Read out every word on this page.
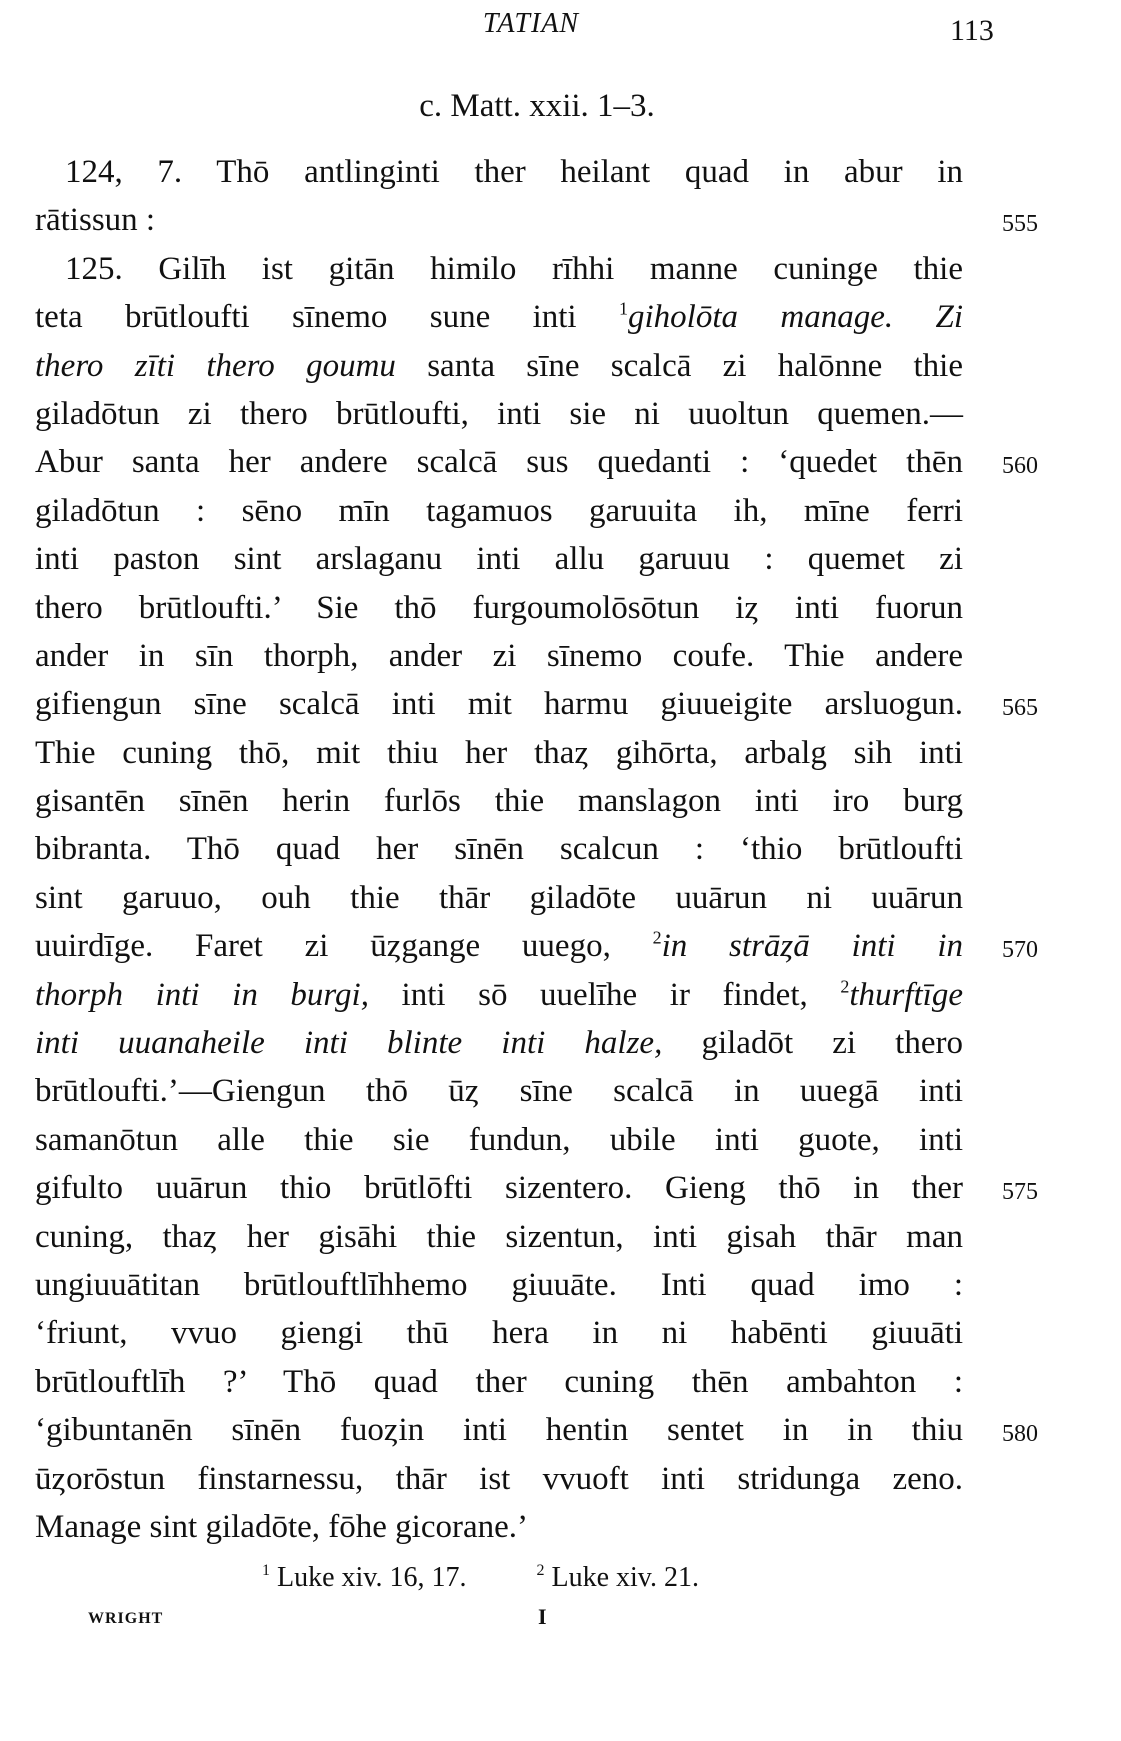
TATIAN	113
c. Matt. xxii. 1–3.
124, 7. Thō antlinginti ther heilant quad in abur in
rātissun :	555
125. Gilīh ist gitān himilo rīhhi manne cuninge thie
teta brūtloufti sīnemo sune inti $^1$giholōta manage. Zi
thero zīti thero goumu santa sīne scalcā zi halōnne thie
giladōtun zi thero brūtloufti, inti sie ni uuoltun quemen.—
Abur santa her andere scalcā sus quedanti : ‘quedet thēn 560
giladōtun : sēno mīn tagamuos garuuita ih, mīne ferri
inti paston sint arslaganu inti allu garuuu : quemet zi
thero brūtloufti.’ Sie thō furgoumolōsōtun iȥ inti fuorun
ander in sīn thorph, ander zi sīnemo coufe. Thie andere
gifiengun sīne scalcā inti mit harmu giuueigite arsluogun. 565
Thie cuning thō, mit thiu her thaȥ gihōrta, arbalg sih inti
gisantēn sīnēn herin furlōs thie manslagon inti iro burg
bibranta. Thō quad her sīnēn scalcun : ‘thio brūtloufti
sint garuuo, ouh thie thār giladōte uuārun ni uuārun
uuirdīge. Faret zi ūȥgange uuego, $^2$in strāȥā inti in 570
thorph inti in burgi, inti sō uuelīhe ir findet, $^2$thurftīge
inti uuanaheile inti blinte inti halze, giladōt zi thero
brūtloufti.’—Giengun thō ūȥ sīne scalcā in uuegā inti
samanōtun alle thie sie fundun, ubile inti guote, inti
gifulto uuārun thio brūtlōfti sizentero. Gieng thō in ther 575
cuning, thaȥ her gisāhi thie sizentun, inti gisah thār man
ungiuuātitan brūtlouftlīhhemo giuuāte. Inti quad imo :
‘friunt, vvuo giengi thū hera in ni habēnti giuuāti
brūtlouftlīh ?’ Thō quad ther cuning thēn ambahton :
‘gibuntanēn sīnēn fuoȥin inti hentin sentet in in thiu 580
ūȥorōstun finstarnessu, thār ist vvuoft inti stridunga zeno.
Manage sint giladōte, fōhe gicorane.’
$^1$ Luke xiv. 16, 17.	$^2$ Luke xiv. 21.
WRIGHT	I
